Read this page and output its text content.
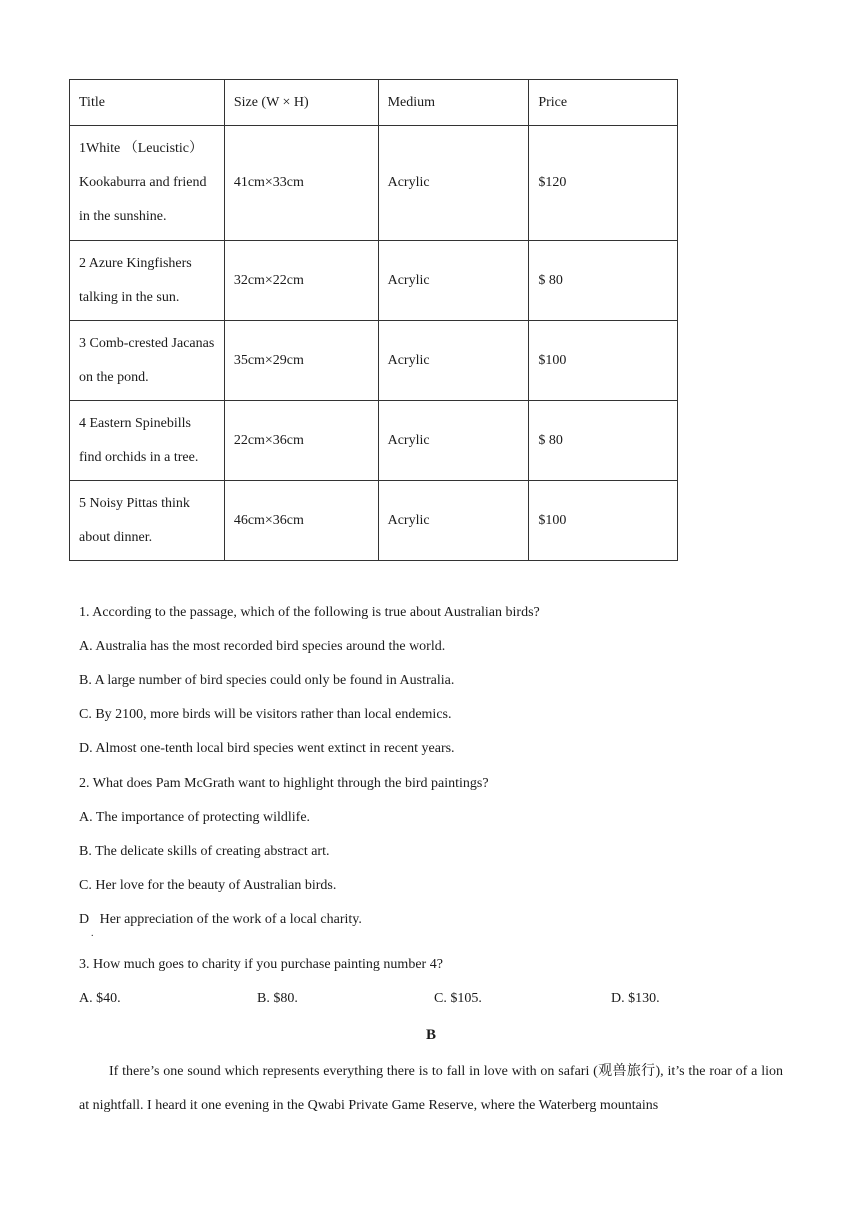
Title	Size (W × H)	Medium	Price
1White （Leucistic） Kookaburra and friend in the sunshine.	41cm×33cm	Acrylic	$120
2 Azure Kingfishers talking in the sun.	32cm×22cm	Acrylic	$ 80
3 Comb-crested Jacanas on the pond.	35cm×29cm	Acrylic	$100
4 Eastern Spinebills find orchids in a tree.	22cm×36cm	Acrylic	$ 80
5 Noisy Pittas think about dinner.	46cm×36cm	Acrylic	$100
1. According to the passage, which of the following is true about Australian birds?
A. Australia has the most recorded bird species around the world.
B. A large number of bird species could only be found in Australia.
C. By 2100, more birds will be visitors rather than local endemics.
D. Almost one-tenth local bird species went extinct in recent years.
2. What does Pam McGrath want to highlight through the bird paintings?
A. The importance of protecting wildlife.
B. The delicate skills of creating abstract art.
C. Her love for the beauty of Australian birds.
D   Her appreciation of the work of a local charity.
.
3. How much goes to charity if you purchase painting number 4?
A. $40.	B. $80.	C. $105.	D. $130.
B
If there’s one sound which represents everything there is to fall in love with on safari (观兽旅行), it’s the roar of a lion at nightfall. I heard it one evening in the Qwabi Private Game Reserve, where the Waterberg mountains
